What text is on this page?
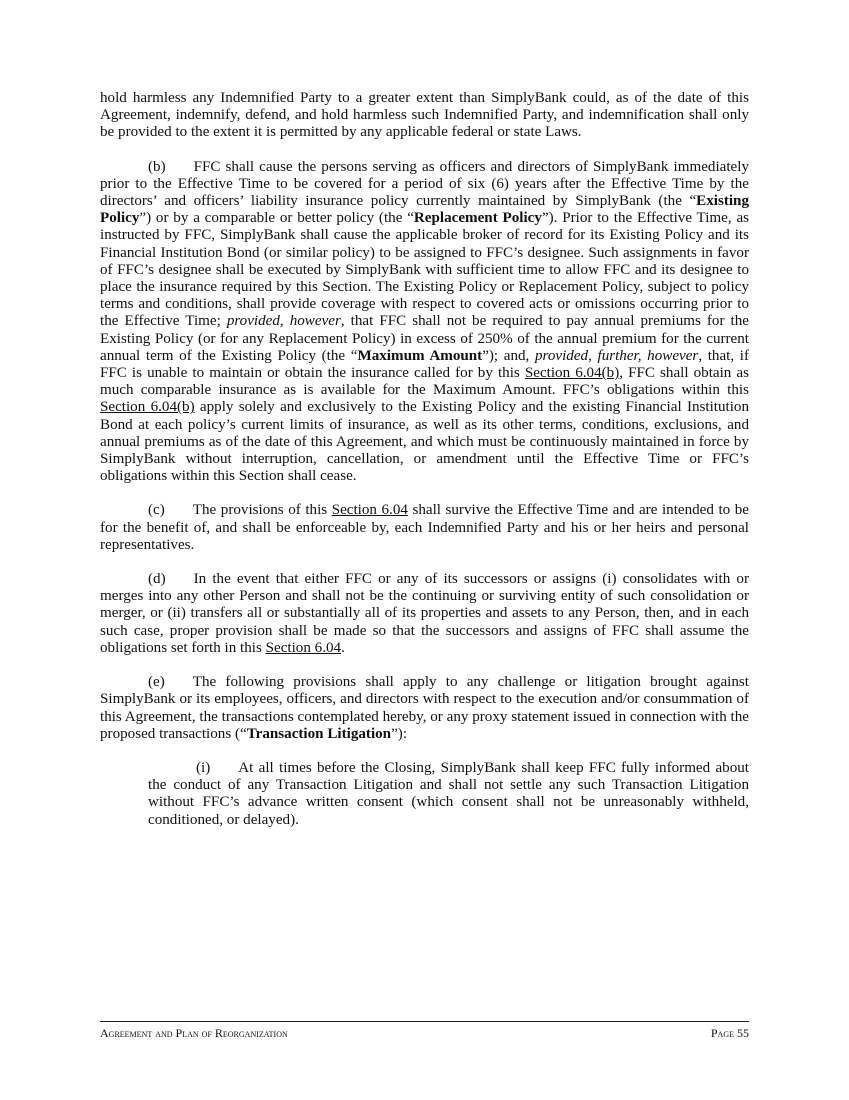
hold harmless any Indemnified Party to a greater extent than SimplyBank could, as of the date of this Agreement, indemnify, defend, and hold harmless such Indemnified Party, and indemnification shall only be provided to the extent it is permitted by any applicable federal or state Laws.

(b) FFC shall cause the persons serving as officers and directors of SimplyBank immediately prior to the Effective Time to be covered for a period of six (6) years after the Effective Time by the directors’ and officers’ liability insurance policy currently maintained by SimplyBank (the “Existing Policy”) or by a comparable or better policy (the “Replacement Policy”). Prior to the Effective Time, as instructed by FFC, SimplyBank shall cause the applicable broker of record for its Existing Policy and its Financial Institution Bond (or similar policy) to be assigned to FFC’s designee. Such assignments in favor of FFC’s designee shall be executed by SimplyBank with sufficient time to allow FFC and its designee to place the insurance required by this Section. The Existing Policy or Replacement Policy, subject to policy terms and conditions, shall provide coverage with respect to covered acts or omissions occurring prior to the Effective Time; provided, however, that FFC shall not be required to pay annual premiums for the Existing Policy (or for any Replacement Policy) in excess of 250% of the annual premium for the current annual term of the Existing Policy (the “Maximum Amount”); and, provided, further, however, that, if FFC is unable to maintain or obtain the insurance called for by this Section 6.04(b), FFC shall obtain as much comparable insurance as is available for the Maximum Amount. FFC’s obligations within this Section 6.04(b) apply solely and exclusively to the Existing Policy and the existing Financial Institution Bond at each policy’s current limits of insurance, as well as its other terms, conditions, exclusions, and annual premiums as of the date of this Agreement, and which must be continuously maintained in force by SimplyBank without interruption, cancellation, or amendment until the Effective Time or FFC’s obligations within this Section shall cease.

(c) The provisions of this Section 6.04 shall survive the Effective Time and are intended to be for the benefit of, and shall be enforceable by, each Indemnified Party and his or her heirs and personal representatives.

(d) In the event that either FFC or any of its successors or assigns (i) consolidates with or merges into any other Person and shall not be the continuing or surviving entity of such consolidation or merger, or (ii) transfers all or substantially all of its properties and assets to any Person, then, and in each such case, proper provision shall be made so that the successors and assigns of FFC shall assume the obligations set forth in this Section 6.04.

(e) The following provisions shall apply to any challenge or litigation brought against SimplyBank or its employees, officers, and directors with respect to the execution and/or consummation of this Agreement, the transactions contemplated hereby, or any proxy statement issued in connection with the proposed transactions (“Transaction Litigation”):

(i) At all times before the Closing, SimplyBank shall keep FFC fully informed about the conduct of any Transaction Litigation and shall not settle any such Transaction Litigation without FFC’s advance written consent (which consent shall not be unreasonably withheld, conditioned, or delayed).

Agreement and Plan of Reorganization	Page 55
